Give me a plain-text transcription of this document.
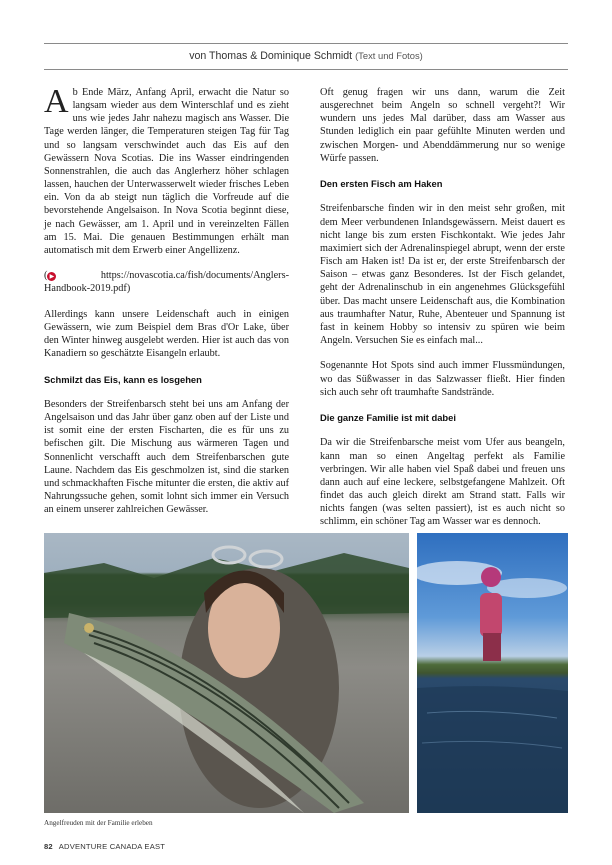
von Thomas & Dominique Schmidt (Text und Fotos)

Ab Ende März, Anfang April, erwacht die Natur so langsam wieder aus dem Winterschlaf und es zieht uns wie jedes Jahr nahezu magisch ans Wasser. Die Tage werden länger, die Temperaturen steigen Tag für Tag und so langsam verschwindet auch das Eis auf den Gewässern Nova Scotias. Die ins Wasser eindringenden Sonnenstrahlen, die auch das Anglerherz höher schlagen lassen, hauchen der Unterwasserwelt wieder frisches Leben ein. Von da ab steigt nun täglich die Vorfreude auf die bevorstehende Angelsaison. In Nova Scotia beginnt diese, je nach Gewässer, am 1. April und in vereinzelten Fällen am 15. Mai. Die genauen Bestimmungen erhält man automatisch mit dem Erwerb einer Angellizenz.

( ▶	https://novascotia.ca/fish/documents/Anglers-Handbook-2019.pdf)

Allerdings kann unsere Leidenschaft auch in einigen Gewässern, wie zum Beispiel dem Bras d'Or Lake, über den Winter hinweg ausgelebt werden. Hier ist auch das von Kanadiern so geschätzte Eisangeln erlaubt.

Schmilzt das Eis, kann es losgehen

Besonders der Streifenbarsch steht bei uns am Anfang der Angelsaison und das Jahr über ganz oben auf der Liste und ist somit eine der ersten Fischarten, die es für uns zu befischen gilt. Die Mischung aus wärmeren Tagen und Sonnenlicht verschafft auch dem Streifenbarschen gute Laune. Nachdem das Eis geschmolzen ist, sind die starken und schmackhaften Fische mitunter die ersten, die aktiv auf Nahrungssuche gehen, somit lohnt sich immer ein Versuch an einem unserer zahlreichen Gewässer.

Oft genug fragen wir uns dann, warum die Zeit ausgerechnet beim Angeln so schnell vergeht?! Wir wundern uns jedes Mal darüber, dass am Wasser aus Stunden lediglich ein paar gefühlte Minuten werden und zwischen Morgen- und Abenddämmerung nur so wenige Würfe passen.

Den ersten Fisch am Haken

Streifenbarsche finden wir in den meist sehr großen, mit dem Meer verbundenen Inlandsgewässern. Meist dauert es nicht lange bis zum ersten Fischkontakt. Wie jedes Jahr maximiert sich der Adrenalinspiegel abrupt, wenn der erste Fisch am Haken ist! Da ist er, der erste Streifenbarsch der Saison – etwas ganz Besonderes. Ist der Fisch gelandet, geht der Adrenalinschub in ein angenehmes Glücksgefühl über. Das macht unsere Leidenschaft aus, die Kombination aus traumhafter Natur, Ruhe, Abenteuer und Spannung ist fast in keinem Hobby so intensiv zu spüren wie beim Angeln. Versuchen Sie es einfach mal...

Sogenannte Hot Spots sind auch immer Flussmündungen, wo das Süßwasser in das Salzwasser fließt. Hier finden sich auch sehr oft traumhafte Sandstrände.

Die ganze Familie ist mit dabei

Da wir die Streifenbarsche meist vom Ufer aus beangeln, kann man so einen Angeltag perfekt als Familie verbringen. Wir alle haben viel Spaß dabei und freuen uns dann auch auf eine leckere, selbstgefangene Mahlzeit. Oft findet das auch gleich direkt am Strand statt. Falls wir nichts fangen (was selten passiert), ist es auch nicht so schlimm, ein schöner Tag am Wasser war es dennoch.

Angelfreuden mit der Familie erleben
82 ADVENTURE CANADA EAST
